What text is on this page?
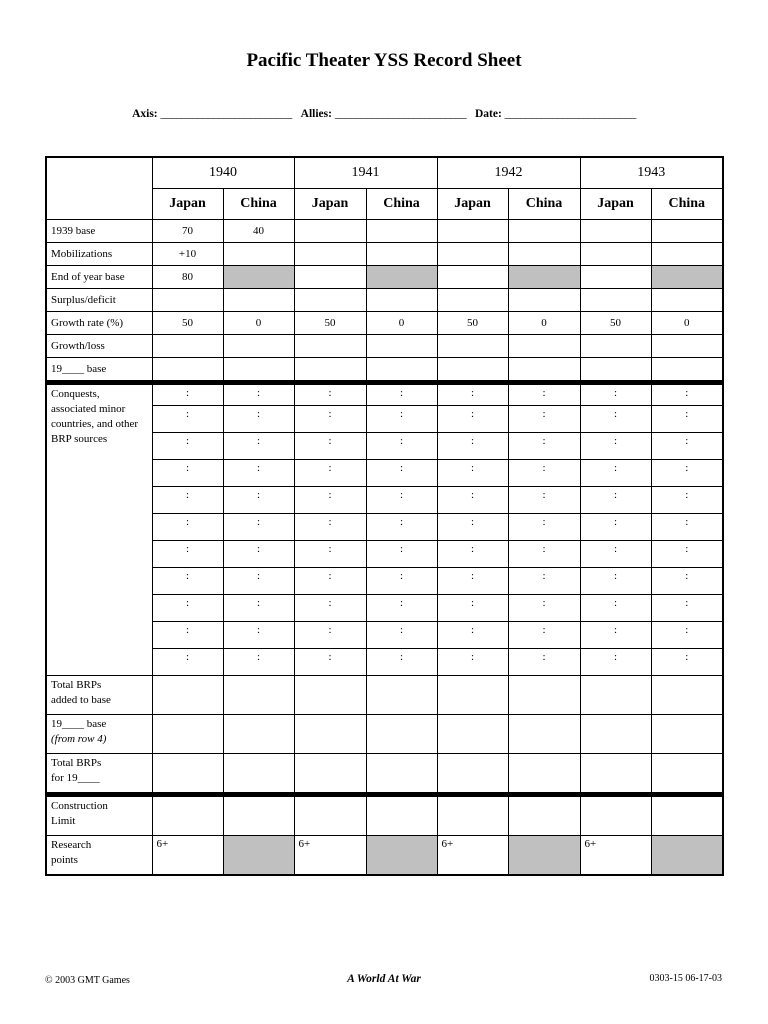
Pacific Theater YSS Record Sheet
Axis: _________________________ Allies: _________________________ Date: _________________________
	1940		1941		1942		1943	
	Japan	China	Japan	China	Japan	China	Japan	China
1939 base	70	40						
Mobilizations	+10							
End of year base	80							
Surplus/deficit								
Growth rate (%)	50	0	50	0	50	0	50	0
Growth/loss								
19____ base								
Conquests, associated minor countries, and other BRP sources	:	:	:	:	:	:	:	:
	:	:	:	:	:	:	:	:
	:	:	:	:	:	:	:	:
	:	:	:	:	:	:	:	:
	:	:	:	:	:	:	:	:
	:	:	:	:	:	:	:	:
	:	:	:	:	:	:	:	:
	:	:	:	:	:	:	:	:
	:	:	:	:	:	:	:	:
	:	:	:	:	:	:	:	:
	:	:	:	:	:	:	:	:

Total BRPs
added to base								

19____ base
(from row 4)								

Total BRPs
for 19____								

Construction
Limit								

Research
points	6+		6+		6+		6+	
© 2003 GMT Games	A World At War	0303-15 06-17-03
